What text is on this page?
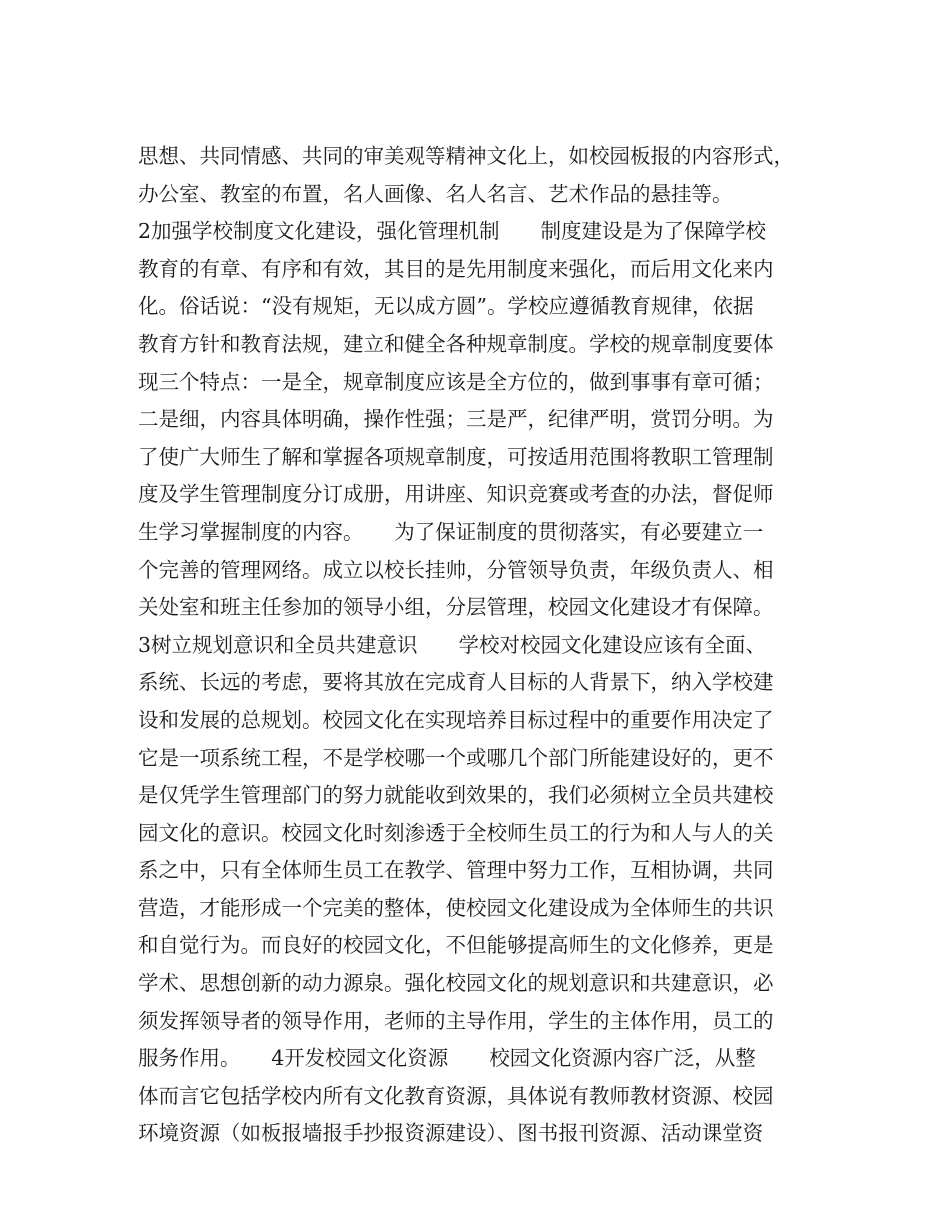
思想、共同情感、共同的审美观等精神文化上，如校园板报的内容形式，
办公室、教室的布置，名人画像、名人名言、艺术作品的悬挂等。
2加强学校制度文化建设，强化管理机制　　制度建设是为了保障学校
教育的有章、有序和有效，其目的是先用制度来强化，而后用文化来内
化。俗话说：“没有规矩，无以成方圆”。学校应遵循教育规律，依据
教育方针和教育法规，建立和健全各种规章制度。学校的规章制度要体
现三个特点：一是全，规章制度应该是全方位的，做到事事有章可循；
二是细，内容具体明确，操作性强；三是严，纪律严明，赏罚分明。为
了使广大师生了解和掌握各项规章制度，可按适用范围将教职工管理制
度及学生管理制度分订成册，用讲座、知识竞赛或考查的办法，督促师
生学习掌握制度的内容。　　为了保证制度的贯彻落实，有必要建立一
个完善的管理网络。成立以校长挂帅，分管领导负责，年级负责人、相
关处室和班主任参加的领导小组，分层管理，校园文化建设才有保障。
3树立规划意识和全员共建意识　　学校对校园文化建设应该有全面、
系统、长远的考虑，要将其放在完成育人目标的人背景下，纳入学校建
设和发展的总规划。校园文化在实现培养目标过程中的重要作用决定了
它是一项系统工程，不是学校哪一个或哪几个部门所能建设好的，更不
是仅凭学生管理部门的努力就能收到效果的，我们必须树立全员共建校
园文化的意识。校园文化时刻渗透于全校师生员工的行为和人与人的关
系之中，只有全体师生员工在教学、管理中努力工作，互相协调，共同
营造，才能形成一个完美的整体，使校园文化建设成为全体师生的共识
和自觉行为。而良好的校园文化，不但能够提高师生的文化修养，更是
学术、思想创新的动力源泉。强化校园文化的规划意识和共建意识，必
须发挥领导者的领导作用，老师的主导作用，学生的主体作用，员工的
服务作用。　　4开发校园文化资源　　校园文化资源内容广泛，从整
体而言它包括学校内所有文化教育资源，具体说有教师教材资源、校园
环境资源（如板报墙报手抄报资源建设）、图书报刊资源、活动课堂资
